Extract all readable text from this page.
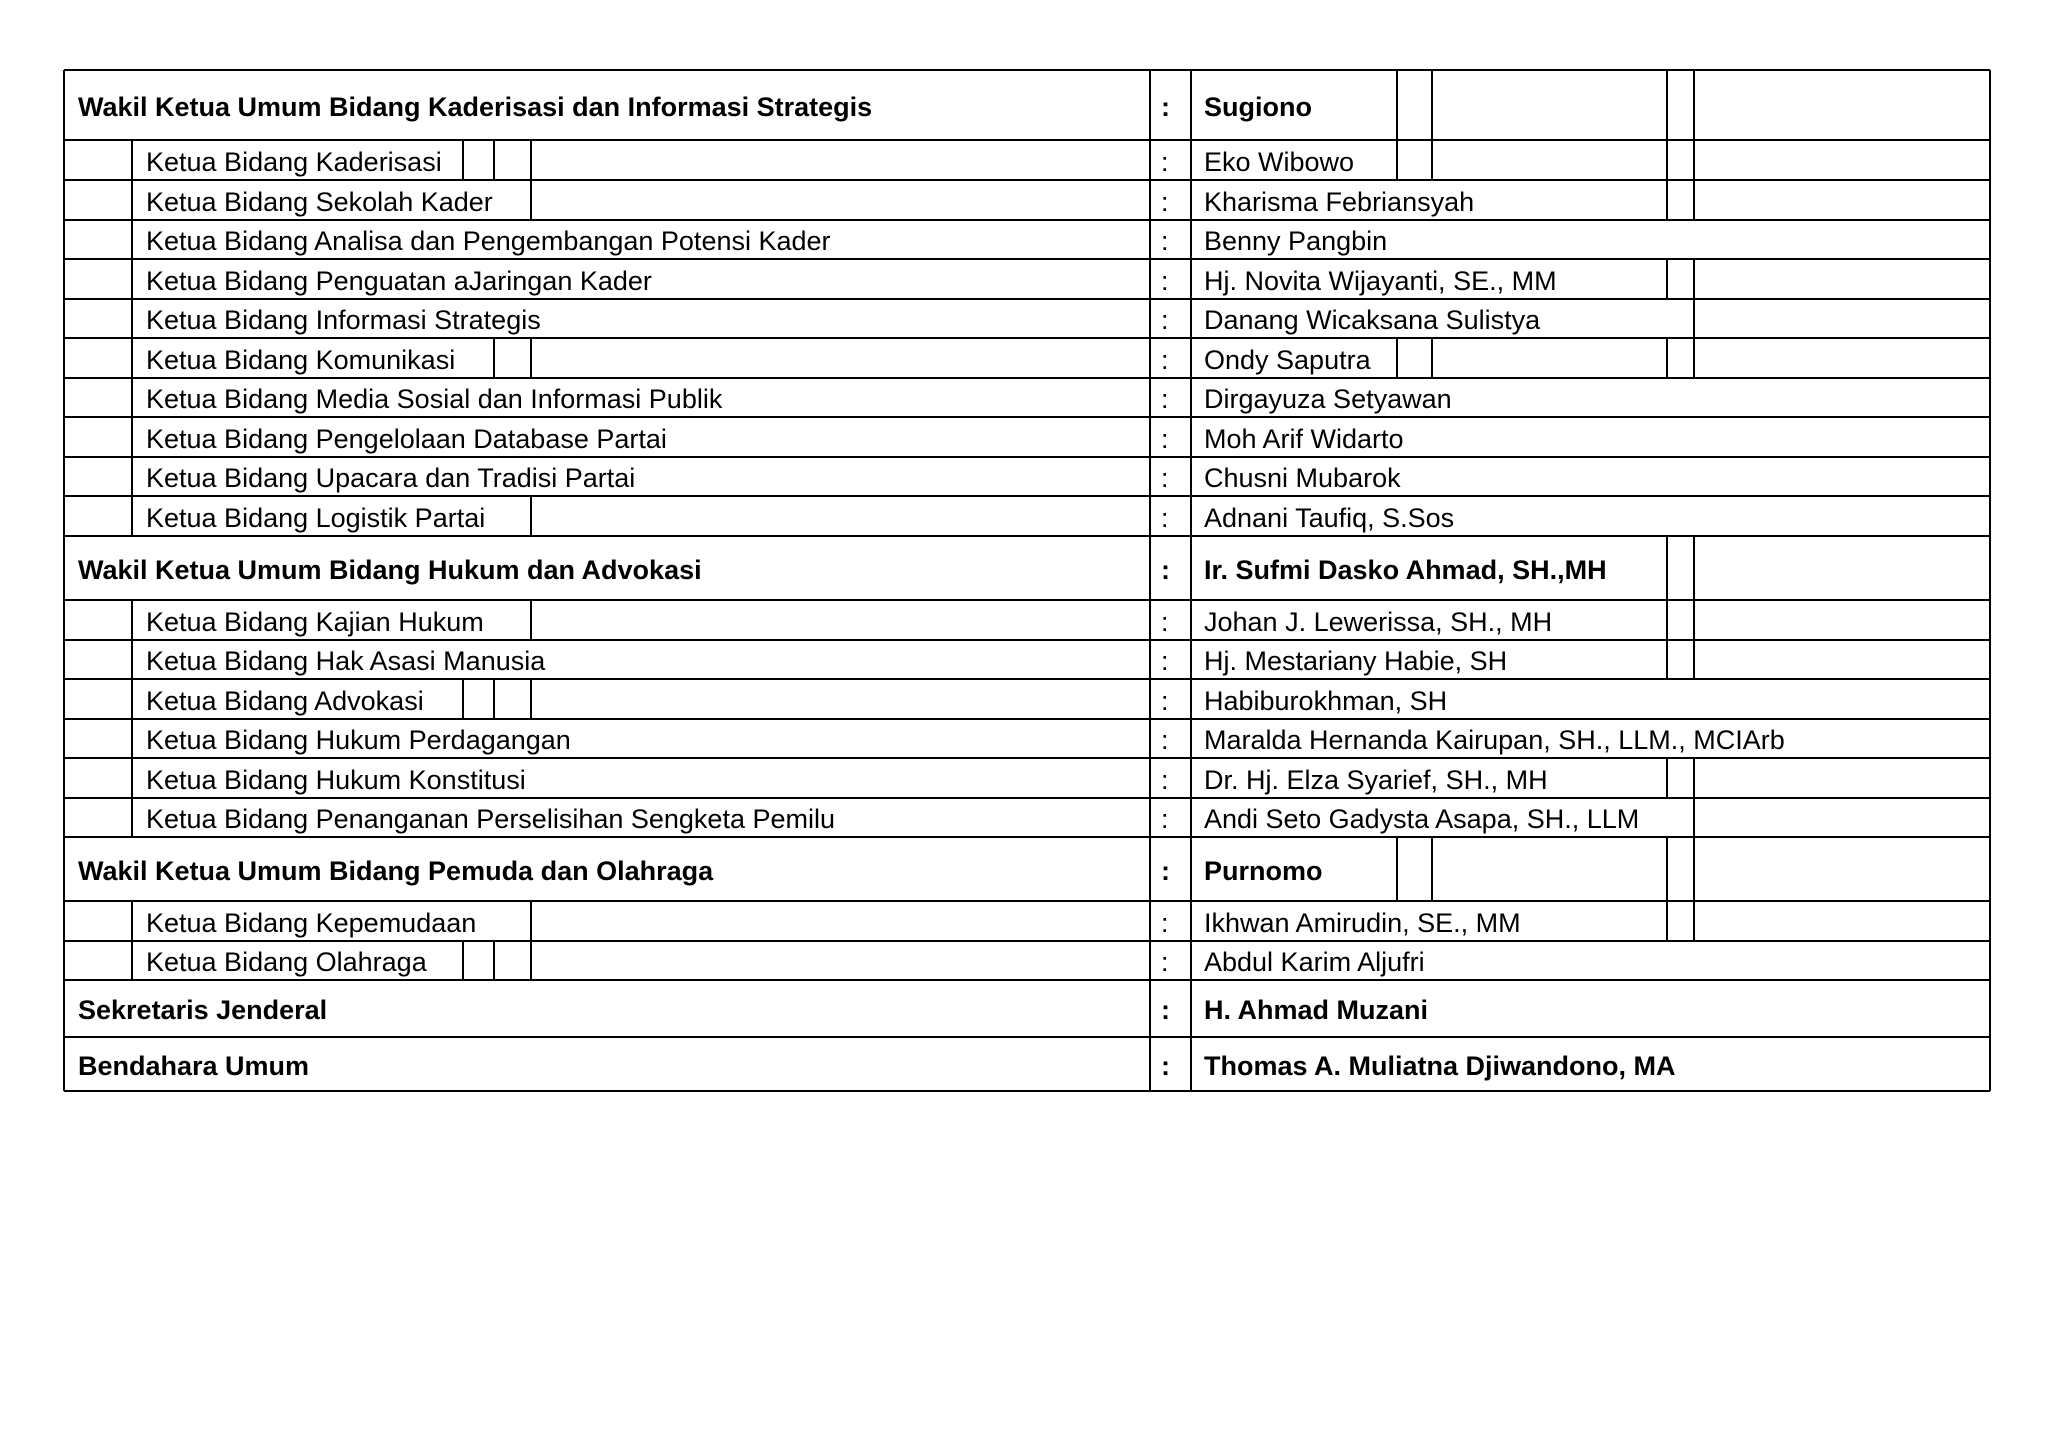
Wakil Ketua Umum Bidang Kaderisasi dan Informasi Strategis	: Sugiono
Ketua Bidang Kaderisasi	: Eko Wibowo
Ketua Bidang Sekolah Kader	: Kharisma Febriansyah
Ketua Bidang Analisa dan Pengembangan Potensi Kader	: Benny Pangbin
Ketua Bidang Penguatan aJaringan Kader	: Hj. Novita Wijayanti, SE., MM
Ketua Bidang Informasi Strategis	: Danang Wicaksana Sulistya
Ketua Bidang Komunikasi	: Ondy Saputra
Ketua Bidang Media Sosial dan Informasi Publik	: Dirgayuza Setyawan
Ketua Bidang Pengelolaan Database Partai	: Moh Arif Widarto
Ketua Bidang Upacara dan Tradisi Partai	: Chusni Mubarok
Ketua Bidang Logistik Partai	: Adnani Taufiq, S.Sos
Wakil Ketua Umum Bidang Hukum dan Advokasi	: Ir. Sufmi Dasko Ahmad, SH.,MH
Ketua Bidang Kajian Hukum	: Johan J. Lewerissa, SH., MH
Ketua Bidang Hak Asasi Manusia	: Hj. Mestariany Habie, SH
Ketua Bidang Advokasi	: Habiburokhman, SH
Ketua Bidang Hukum Perdagangan	: Maralda Hernanda Kairupan, SH., LLM., MCIArb
Ketua Bidang Hukum Konstitusi	: Dr. Hj. Elza Syarief, SH., MH
Ketua Bidang Penanganan Perselisihan Sengketa Pemilu	: Andi Seto Gadysta Asapa, SH., LLM
Wakil Ketua Umum Bidang Pemuda dan Olahraga	: Purnomo
Ketua Bidang Kepemudaan	: Ikhwan Amirudin, SE., MM
Ketua Bidang Olahraga	: Abdul Karim Aljufri
Sekretaris Jenderal	: H. Ahmad Muzani
Bendahara Umum	: Thomas A. Muliatna Djiwandono, MA
